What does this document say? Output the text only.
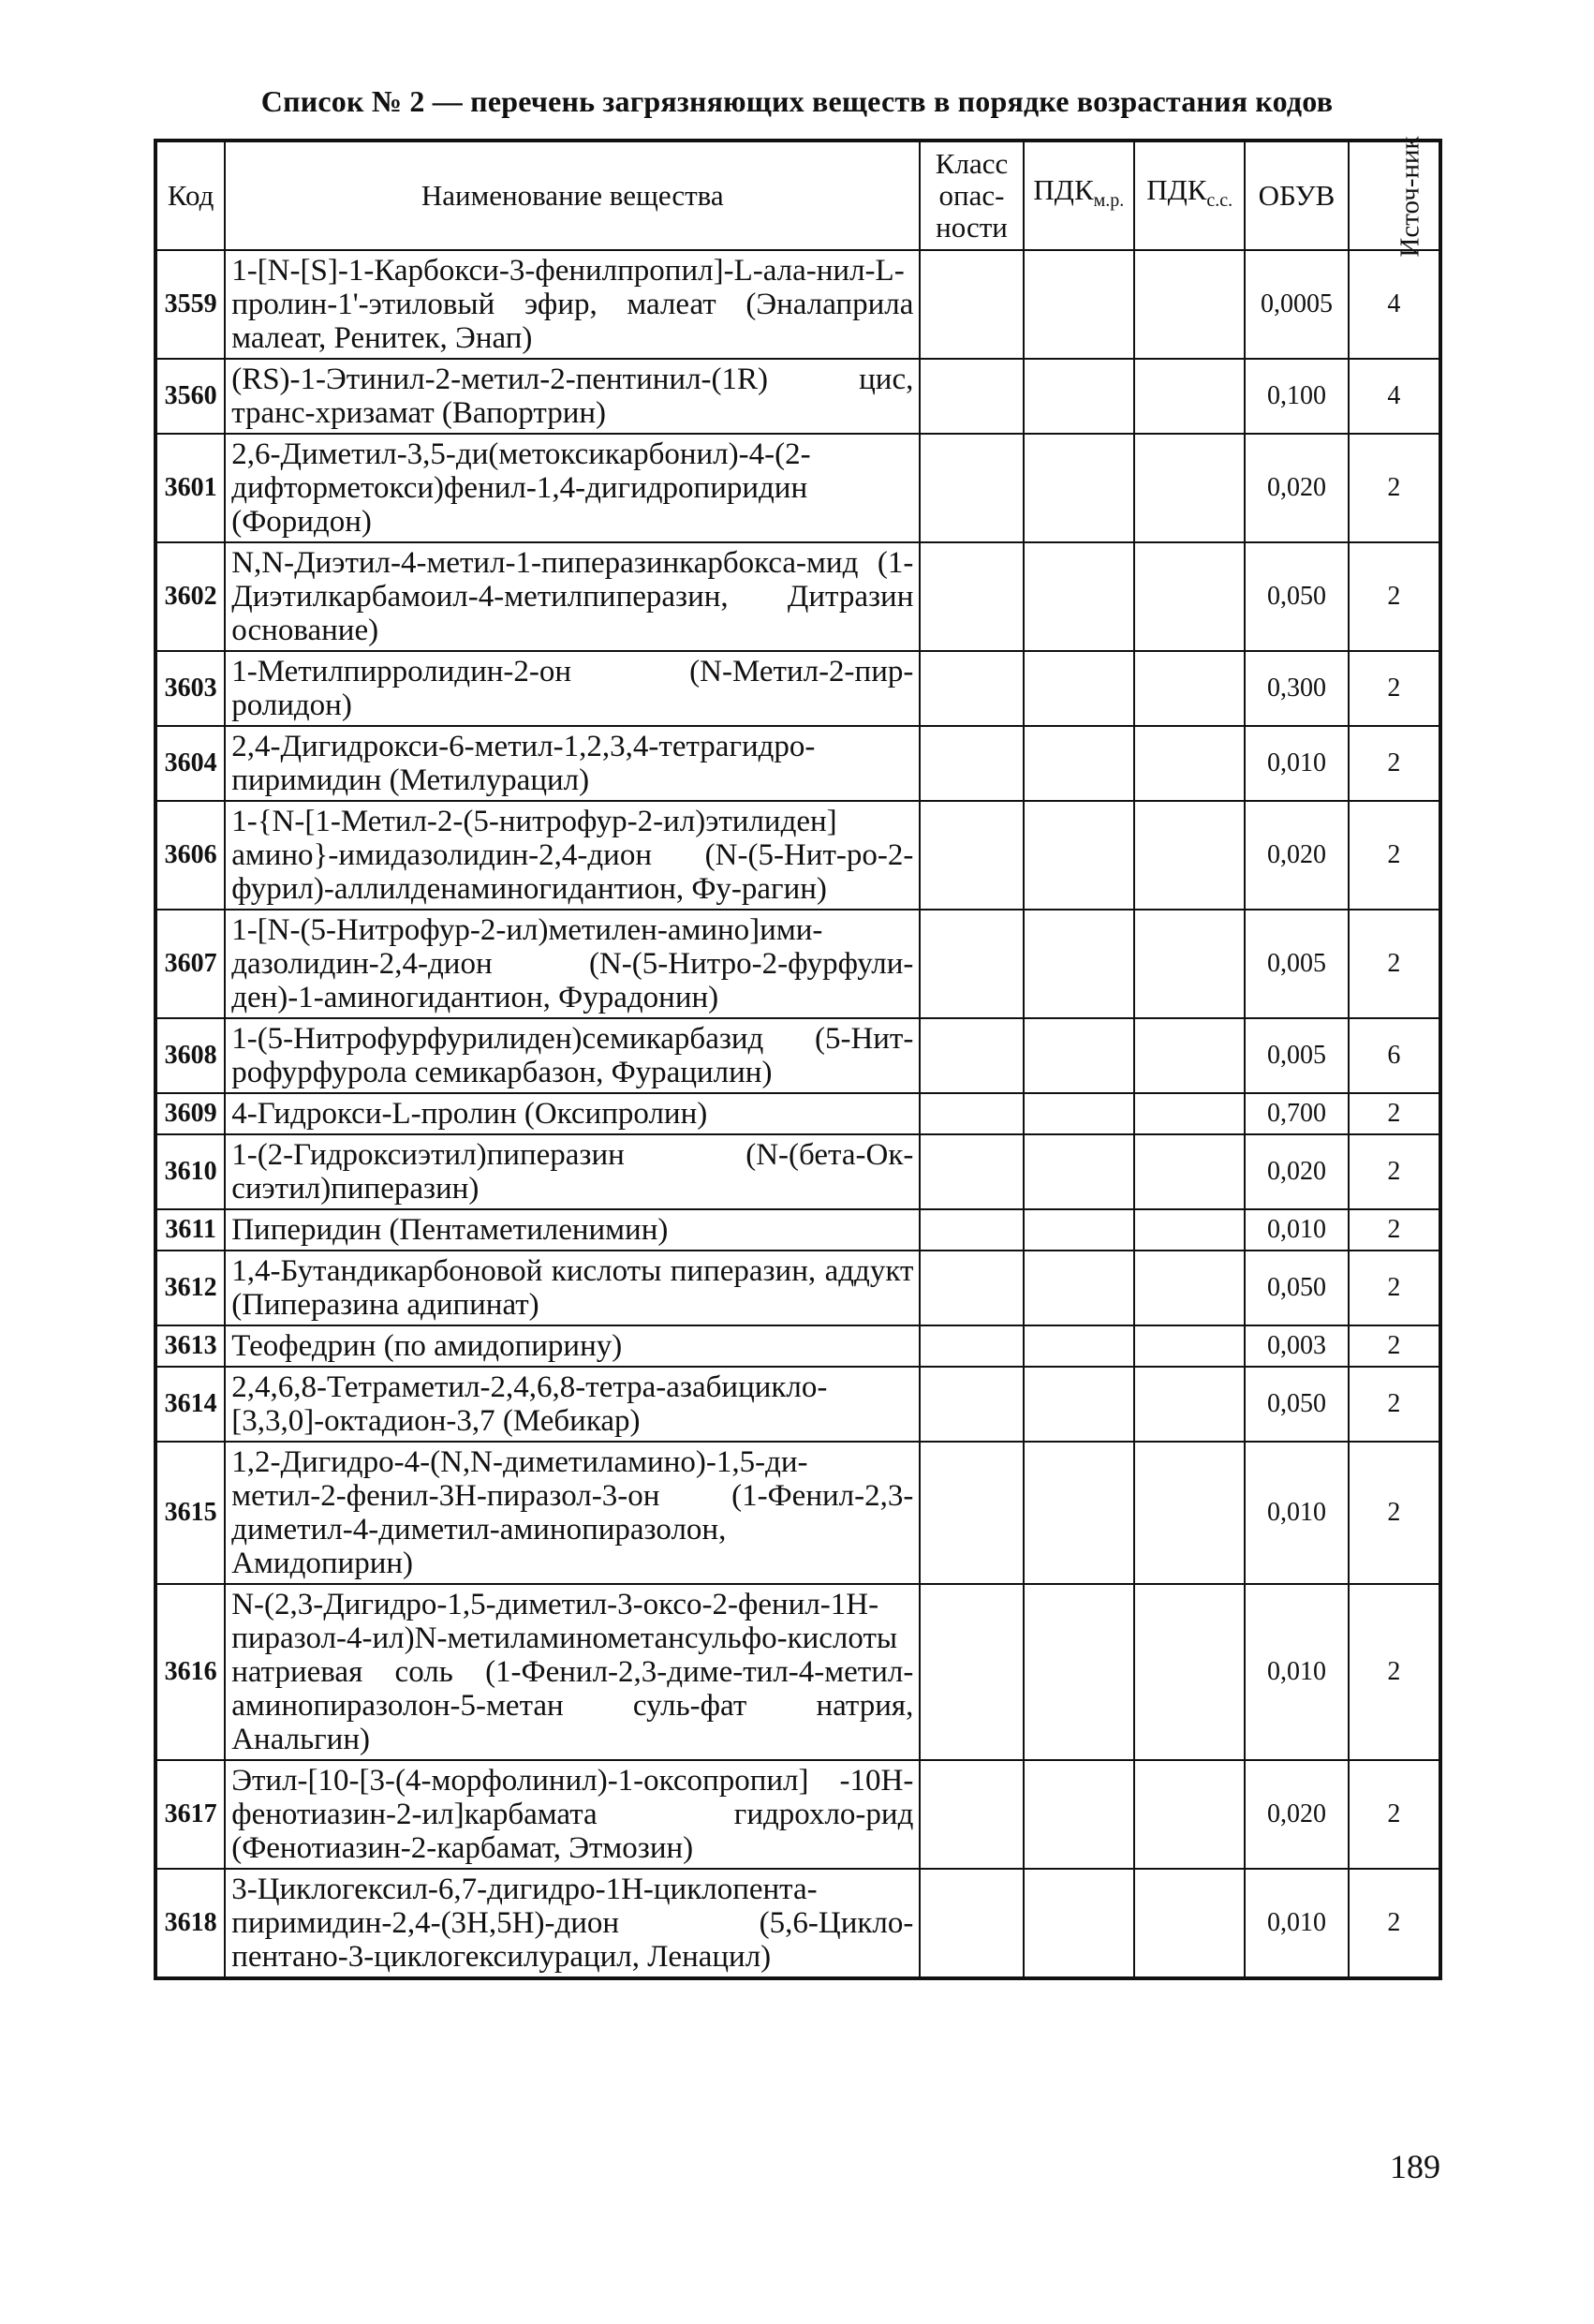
Список № 2 — перечень загрязняющих веществ в порядке возрастания кодов
Код	Наименование вещества	Класс опас-ности	$ПДК_{м.р.}$	$ПДК_{с.с.}$	ОБУВ	Источ-ник
3559	1-[N-[S]-1-Карбокси-3-фенилпропил]-L-ала-нил-L-пролин-1'-этиловый эфир, малеат (Эналаприла малеат, Ренитек, Энап)				0,0005	4
3560	(RS)-1-Этинил-2-метил-2-пентинил-(1R) цис, транс-хризамат (Вапортрин)				0,100	4
3601	2,6-Диметил-3,5-ди(метоксикарбонил)-4-(2-дифторметокси)фенил-1,4-дигидропиридин (Форидон)				0,020	2
3602	N,N-Диэтил-4-метил-1-пиперазинкарбокса-мид (1-Диэтилкарбамоил-4-метилпиперазин, Дитразин основание)				0,050	2
3603	1-Метилпирролидин-2-он (N-Метил-2-пир-ролидон)				0,300	2
3604	2,4-Дигидрокси-6-метил-1,2,3,4-тетрагидро-пиримидин (Метилурацил)				0,010	2
3606	1-{N-[1-Метил-2-(5-нитрофур-2-ил)этилиден] амино}-имидазолидин-2,4-дион (N-(5-Нит-ро-2-фурил)-аллилденаминогидантион, Фу-рагин)				0,020	2
3607	1-[N-(5-Нитрофур-2-ил)метилен-амино]ими-дазолидин-2,4-дион (N-(5-Нитро-2-фурфули-ден)-1-аминогидантион, Фурадонин)				0,005	2
3608	1-(5-Нитрофурфурилиден)семикарбазид (5-Нит-рофурфурола семикарбазон, Фурацилин)				0,005	6
3609	4-Гидрокси-L-пролин (Оксипролин)				0,700	2
3610	1-(2-Гидроксиэтил)пиперазин (N-(бета-Ок-сиэтил)пиперазин)				0,020	2
3611	Пиперидин (Пентаметиленимин)				0,010	2
3612	1,4-Бутандикарбоновой кислоты пиперазин, аддукт (Пиперазина адипинат)				0,050	2
3613	Теофедрин (по амидопирину)				0,003	2
3614	2,4,6,8-Тетраметил-2,4,6,8-тетра-азабицикло-[3,3,0]-октадион-3,7 (Мебикар)				0,050	2
3615	1,2-Дигидро-4-(N,N-диметиламино)-1,5-ди-метил-2-фенил-3Н-пиразол-3-он (1-Фенил-2,3-диметил-4-диметил-аминопиразолон, Амидопирин)				0,010	2
3616	N-(2,3-Дигидро-1,5-диметил-3-оксо-2-фенил-1Н-пиразол-4-ил)N-метиламинометансульфо-кислоты натриевая соль (1-Фенил-2,3-диме-тил-4-метил-аминопиразолон-5-метан суль-фат натрия, Анальгин)				0,010	2
3617	Этил-[10-[3-(4-морфолинил)-1-оксопропил] -10Н-фенотиазин-2-ил]карбамата гидрохло-рид (Фенотиазин-2-карбамат, Этмозин)				0,020	2
3618	3-Циклогексил-6,7-дигидро-1Н-циклопента-пиримидин-2,4-(3Н,5Н)-дион (5,6-Цикло-пентано-3-циклогексилурацил, Ленацил)				0,010	2
189
